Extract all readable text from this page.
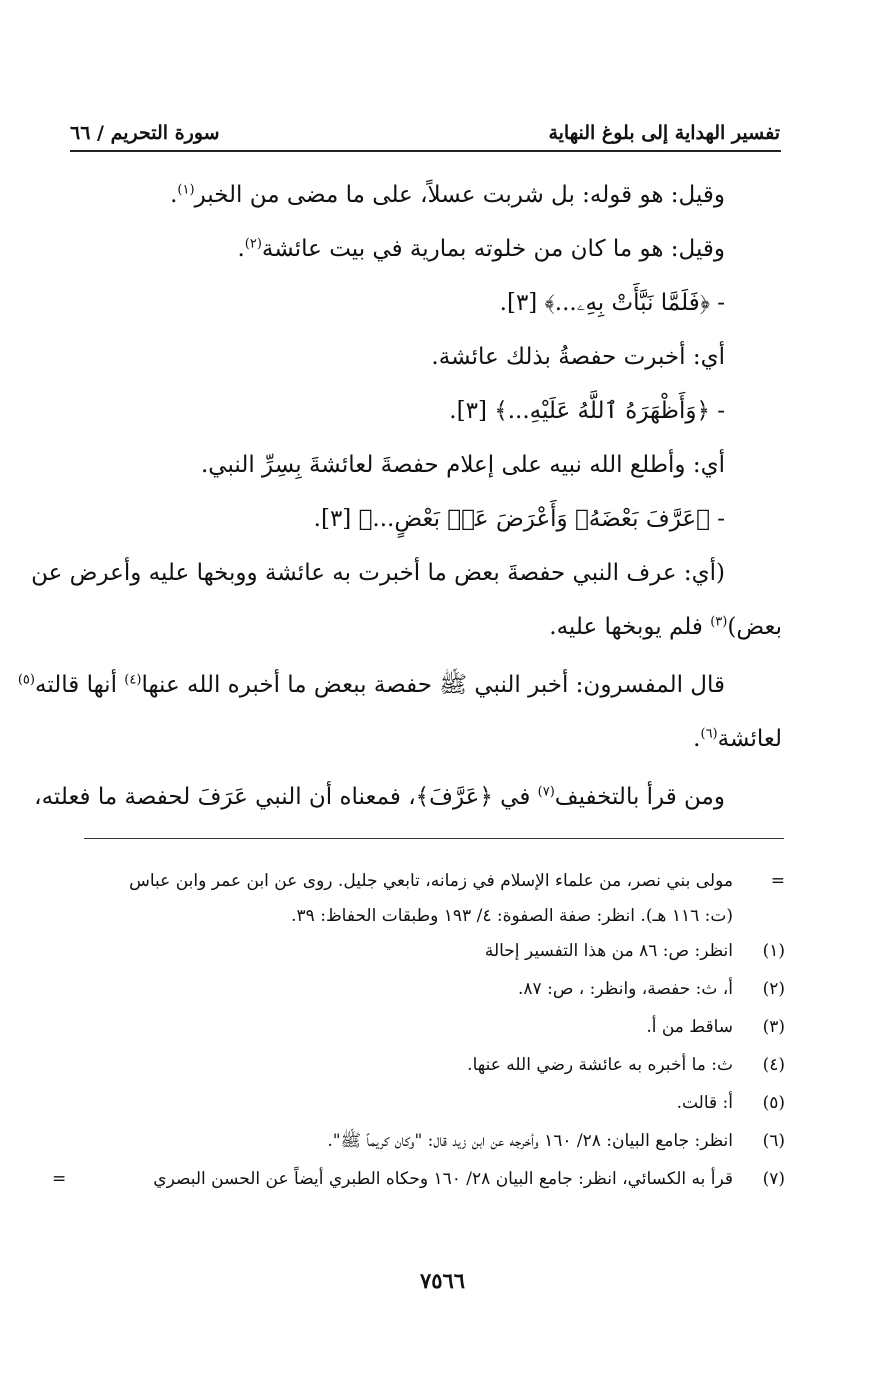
تفسير الهداية إلى بلوغ النهاية
سورة التحريم / ٦٦
وقيل: هو قوله: بل شربت عسلاً، على ما مضى من الخبر$^{(١)}$.
وقيل: هو ما كان من خلوته بمارية في بيت عائشة$^{(٢)}$.
- ﴿فَلَمَّا نَبَّأَتْ بِهِۦ...﴾ [٣].
أي: أخبرت حفصةُ بذلك عائشة.
- ﴿وَأَظْهَرَهُ ٱللَّهُ عَلَيْهِ...﴾ [٣].
أي: وأطلع الله نبيه على إعلام حفصةَ لعائشةَ بِسِرِّ النبي.
- ﴿عَرَّفَ بَعْضَهُۥ وَأَعْرَضَ عَنۢ بَعْضٍ...﴾ [٣].
(أي: عرف النبي حفصةَ بعض ما أخبرت به عائشة ووبخها عليه وأعرض عن
بعض)$^{(٣)}$ فلم يوبخها عليه.
قال المفسرون: أخبر النبي ﷺ حفصة ببعض ما أخبره الله عنها$^{(٤)}$ أنها قالته$^{(٥)}$
لعائشة$^{(٦)}$.
ومن قرأ بالتخفيف$^{(٧)}$ في ﴿عَرَّفَ﴾، فمعناه أن النبي عَرَفَ لحفصة ما فعلته،
=
مولى بني نصر، من علماء الإسلام في زمانه، تابعي جليل. روى عن ابن عمر وابن عباس
(ت: ١١٦ هـ). انظر: صفة الصفوة: ٤/ ١٩٣ وطبقات الحفاظ: ٣٩.
(١)
انظر: ص: ٨٦ من هذا التفسير إحالة
(٢)
أ، ث: حفصة، وانظر: ، ص: ٨٧.
(٣)
ساقط من أ.
(٤)
ث: ما أخبره به عائشة رضي الله عنها.
(٥)
أ: قالت.
(٦)
انظر: جامع البيان: ٢٨/ ١٦٠ وأخرجه عن ابن زيد قال: "وكان كريماً ﷺ".
(٧)
قرأ به الكسائي، انظر: جامع البيان ٢٨/ ١٦٠ وحكاه الطبري أيضاً عن الحسن البصري
=
٧٥٦٦
